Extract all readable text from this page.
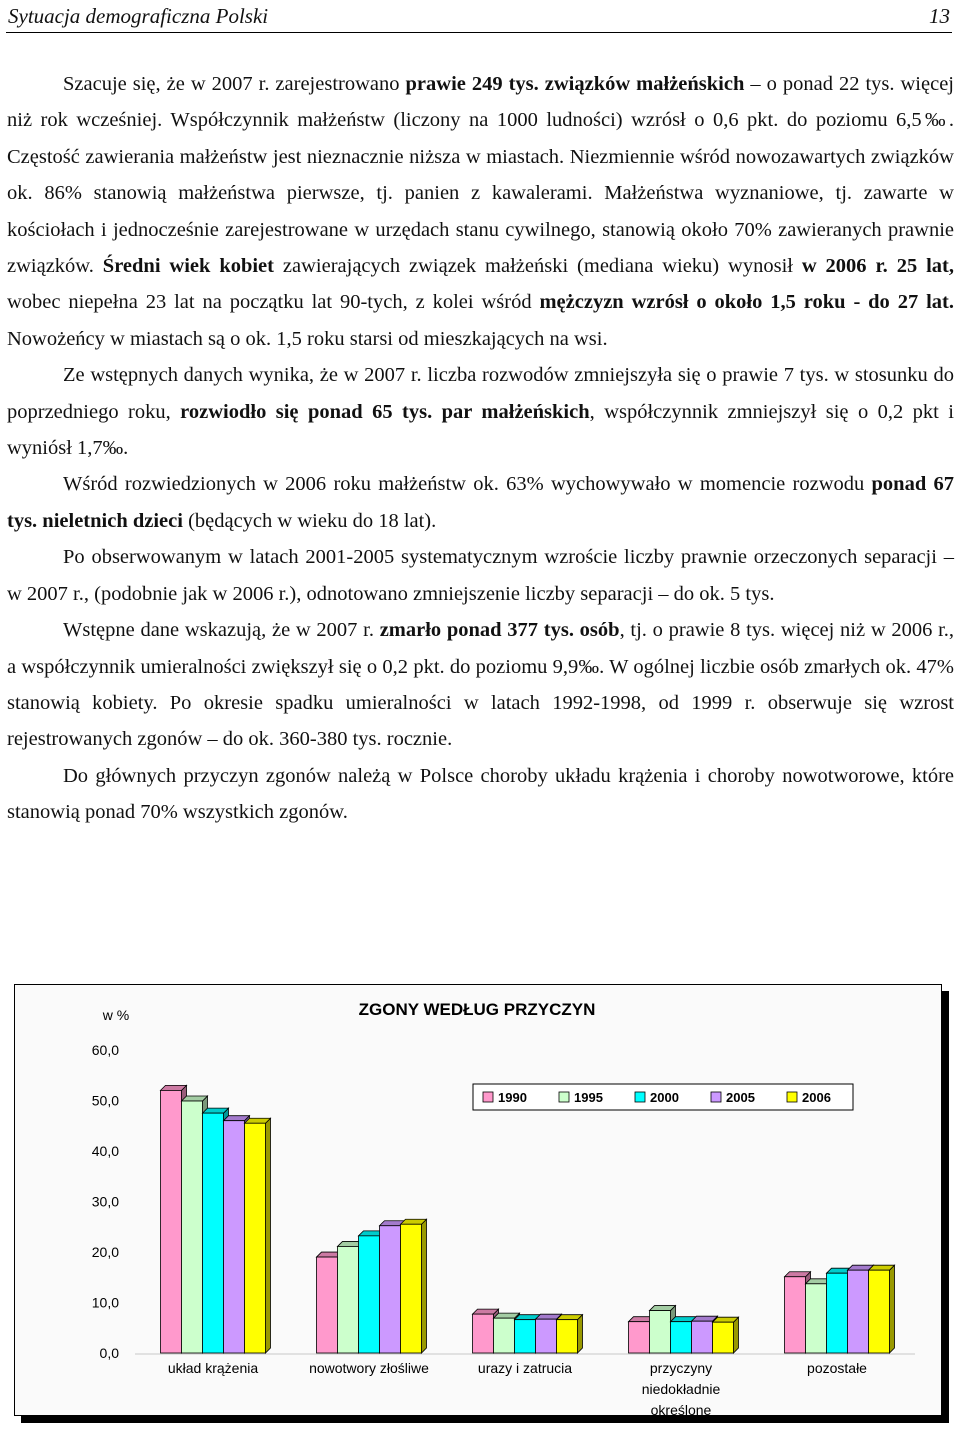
Sytuacja demograficzna Polski	13

Szacuje się, że w 2007 r. zarejestrowano prawie 249 tys. związków małżeńskich – o ponad 22 tys. więcej niż rok wcześniej. Współczynnik małżeństw (liczony na 1000 ludności) wzrósł o 0,6 pkt. do poziomu 6,5‰. Częstość zawierania małżeństw jest nieznacznie niższa w miastach. Niezmiennie wśród nowozawartych związków ok. 86% stanowią małżeństwa pierwsze, tj. panien z kawalerami. Małżeństwa wyznaniowe, tj. zawarte w kościołach i jednocześnie zarejestrowane w urzędach stanu cywilnego, stanowią około 70% zawieranych prawnie związków. Średni wiek kobiet zawierających związek małżeński (mediana wieku) wynosił w 2006 r. 25 lat, wobec niepełna 23 lat na początku lat 90-tych, z kolei wśród mężczyzn wzrósł o około 1,5 roku - do 27 lat. Nowożeńcy w miastach są o ok. 1,5 roku starsi od mieszkających na wsi.

Ze wstępnych danych wynika, że w 2007 r. liczba rozwodów zmniejszyła się o prawie 7 tys. w stosunku do poprzedniego roku, rozwiodło się ponad 65 tys. par małżeńskich, współczynnik zmniejszył się o 0,2 pkt i wyniósł 1,7‰.

Wśród rozwiedzionych w 2006 roku małżeństw ok. 63% wychowywało w momencie rozwodu ponad 67 tys. nieletnich dzieci (będących w wieku do 18 lat).

Po obserwowanym w latach 2001-2005 systematycznym wzroście liczby prawnie orzeczonych separacji – w 2007 r., (podobnie jak w 2006 r.), odnotowano zmniejszenie liczby separacji – do ok. 5 tys.

Wstępne dane wskazują, że w 2007 r. zmarło ponad 377 tys. osób, tj. o prawie 8 tys. więcej niż w 2006 r., a współczynnik umieralności zwiększył się o 0,2 pkt. do poziomu 9,9‰. W ogólnej liczbie osób zmarłych ok. 47% stanowią kobiety. Po okresie spadku umieralności w latach 1992-1998, od 1999 r. obserwuje się wzrost rejestrowanych zgonów – do ok. 360-380 tys. rocznie.

Do głównych przyczyn zgonów należą w Polsce choroby układu krążenia i choroby nowotworowe, które stanowią ponad 70% wszystkich zgonów.

ZGONY WEDŁUG PRZYCZYN
w %
0,0
10,0
20,0
30,0
40,0
50,0
60,0
układ krążenia	nowotwory złośliwe	urazy i zatrucia	przyczyny
niedokładnie
określone
pozostałe
1990	1995	2000	2005	2006
